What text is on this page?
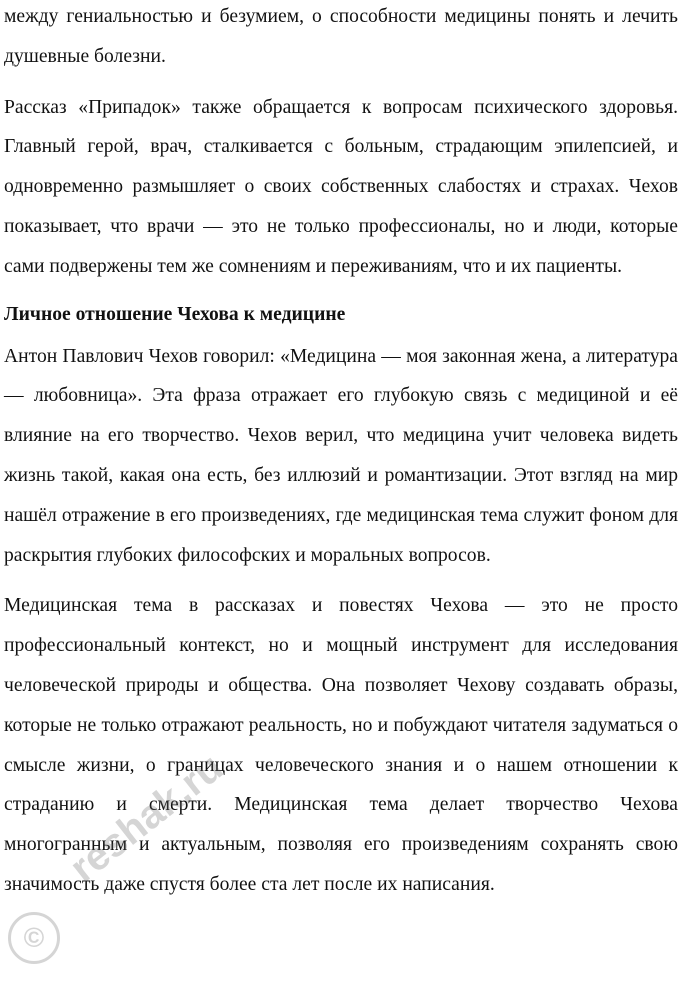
между гениальностью и безумием, о способности медицины понять и лечить душевные болезни.

Рассказ «Припадок» также обращается к вопросам психического здоровья. Главный герой, врач, сталкивается с больным, страдающим эпилепсией, и одновременно размышляет о своих собственных слабостях и страхах. Чехов показывает, что врачи — это не только профессионалы, но и люди, которые сами подвержены тем же сомнениям и переживаниям, что и их пациенты.

Личное отношение Чехова к медицине

Антон Павлович Чехов говорил: «Медицина — моя законная жена, а литература — любовница». Эта фраза отражает его глубокую связь с медициной и её влияние на его творчество. Чехов верил, что медицина учит человека видеть жизнь такой, какая она есть, без иллюзий и романтизации. Этот взгляд на мир нашёл отражение в его произведениях, где медицинская тема служит фоном для раскрытия глубоких философских и моральных вопросов.

Медицинская тема в рассказах и повестях Чехова — это не просто профессиональный контекст, но и мощный инструмент для исследования человеческой природы и общества. Она позволяет Чехову создавать образы, которые не только отражают реальность, но и побуждают читателя задуматься о смысле жизни, о границах человеческого знания и о нашем отношении к страданию и смерти. Медицинская тема делает творчество Чехова многогранным и актуальным, позволяя его произведениям сохранять свою значимость даже спустя более ста лет после их написания.

©
reshak.ru
